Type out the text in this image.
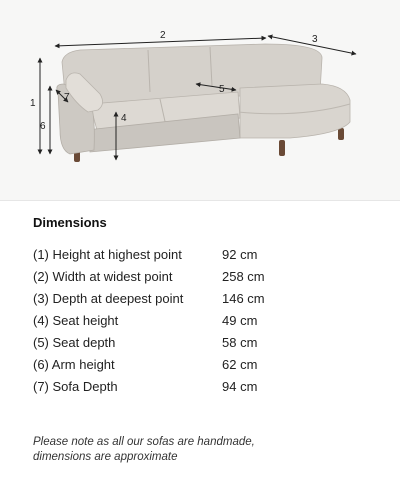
2	3
1
6
7
4
5
Dimensions
(1) Height at highest point	92 cm
(2) Width at widest point	258 cm
(3) Depth at deepest point	146 cm
(4) Seat height	49 cm
(5) Seat depth	58 cm
(6) Arm height	62 cm
(7) Sofa Depth	94 cm
Please note as all our sofas are handmade,
dimensions are approximate
